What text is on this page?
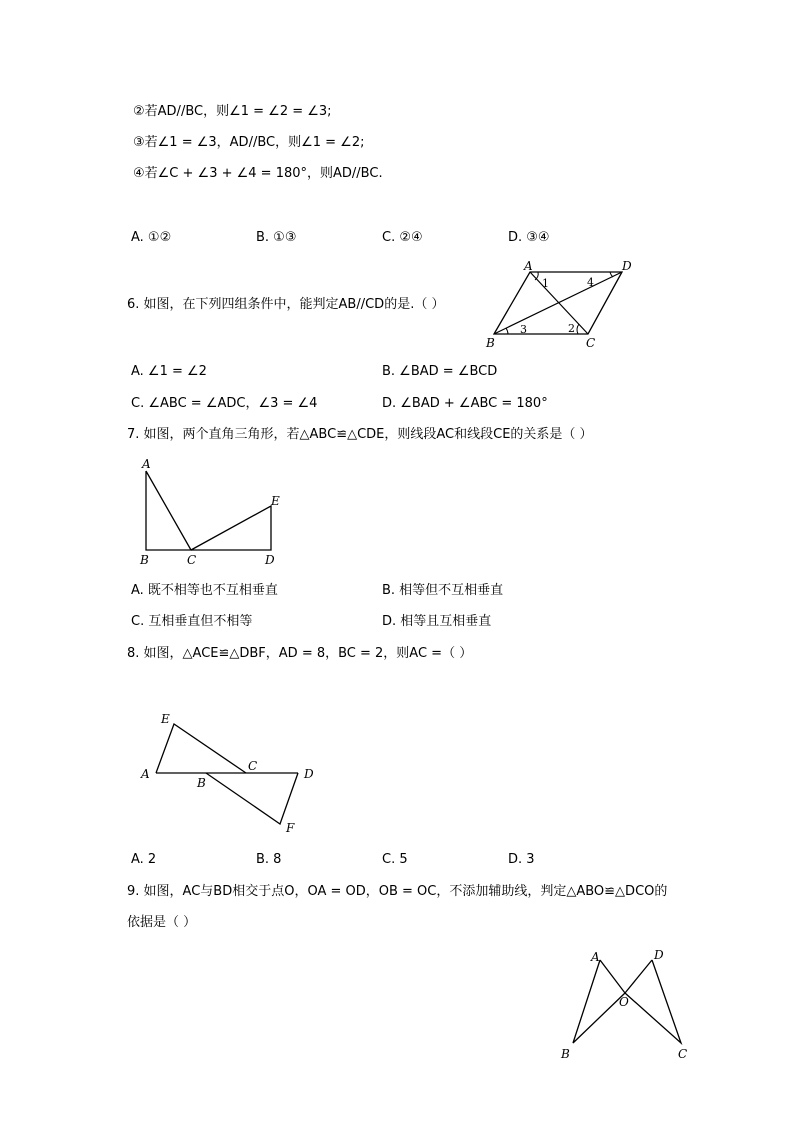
②若AD//BC，则∠1 = ∠2 = ∠3;
③若∠1 = ∠3，AD//BC，则∠1 = ∠2;
④若∠C + ∠3 + ∠4 = 180°，则AD//BC.
A. ①②	B. ①③	C. ②④	D. ③④
6. 如图，在下列四组条件中，能判定AB//CD的是.（ ）
A	D
B	C
1	4
3	2
A. ∠1 = ∠2	B. ∠BAD = ∠BCD
C. ∠ABC = ∠ADC，∠3 = ∠4	D. ∠BAD + ∠ABC = 180°
7. 如图，两个直角三角形，若△ABC≌△CDE，则线段AC和线段CE的关系是（ ）
A
B	C	D
E
A. 既不相等也不互相垂直	B. 相等但不互相垂直
C. 互相垂直但不相等	D. 相等且互相垂直
8. 如图，△ACE≌△DBF，AD = 8，BC = 2，则AC =（ ）
E
A
B
C
D
F
A. 2	B. 8	C. 5	D. 3
9. 如图，AC与BD相交于点O，OA = OD，OB = OC，不添加辅助线，判定△ABO≌△DCO的
依据是（ ）
A	D
O
B	C
